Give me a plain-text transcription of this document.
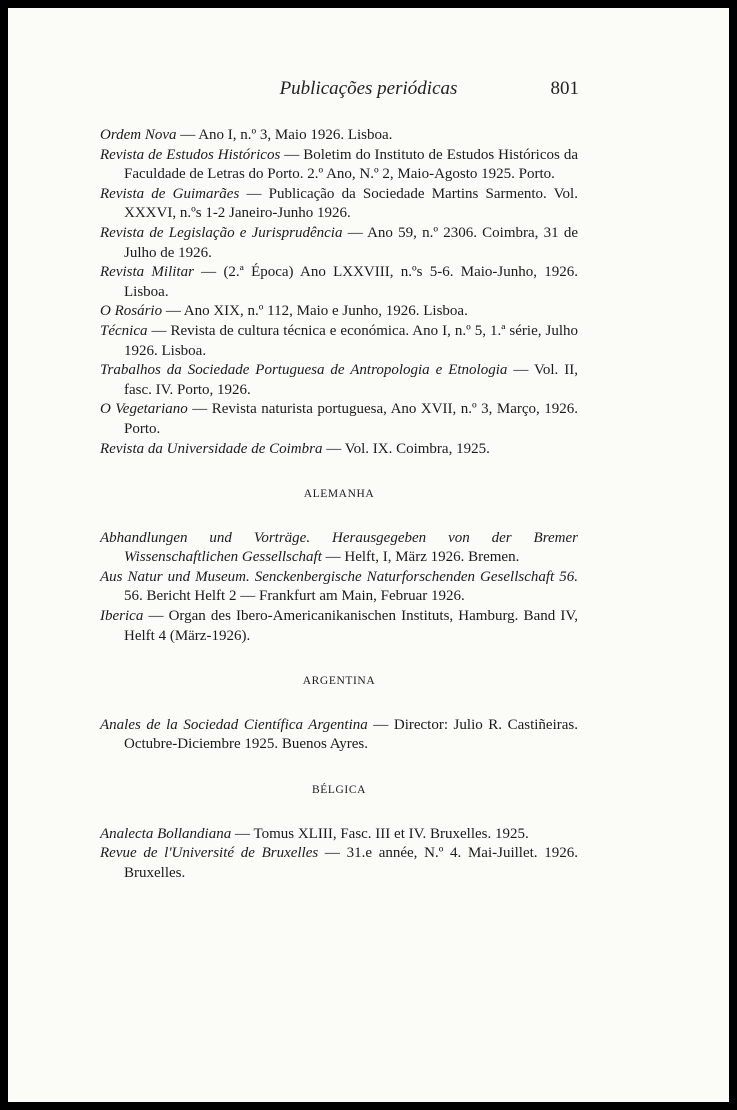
Publicações periódicas	801

Ordem Nova — Ano I, n.º 3, Maio 1926. Lisboa.

Revista de Estudos Históricos — Boletim do Instituto de Estudos Históricos da Faculdade de Letras do Porto. 2.º Ano, N.º 2, Maio-Agosto 1925. Porto.

Revista de Guimarães — Publicação da Sociedade Martins Sarmento. Vol. XXXVI, n.ºs 1-2 Janeiro-Junho 1926.

Revista de Legislação e Jurisprudência — Ano 59, n.º 2306. Coimbra, 31 de Julho de 1926.

Revista Militar — (2.ª Época) Ano LXXVIII, n.ºs 5-6. Maio-Junho, 1926. Lisboa.

O Rosário — Ano XIX, n.º 112, Maio e Junho, 1926. Lisboa.

Técnica — Revista de cultura técnica e económica. Ano I, n.º 5, 1.ª série, Julho 1926. Lisboa.

Trabalhos da Sociedade Portuguesa de Antropologia e Etnologia — Vol. II, fasc. IV. Porto, 1926.

O Vegetariano — Revista naturista portuguesa, Ano XVII, n.º 3, Março, 1926. Porto.

Revista da Universidade de Coimbra — Vol. IX. Coimbra, 1925.

ALEMANHA

Abhandlungen und Vorträge. Herausgegeben von der Bremer Wissenschaftlichen Gessellschaft — Helft, I, März 1926. Bremen.

Aus Natur und Museum. Senckenbergische Naturforschenden Gesellschaft 56. 56. Bericht Helft 2 — Frankfurt am Main, Februar 1926.

Iberica — Organ des Ibero-Americanikanischen Instituts, Hamburg. Band IV, Helft 4 (März-1926).

ARGENTINA

Anales de la Sociedad Científica Argentina — Director: Julio R. Castiñeiras. Octubre-Diciembre 1925. Buenos Ayres.

BÉLGICA

Analecta Bollandiana — Tomus XLIII, Fasc. III et IV. Bruxelles. 1925.

Revue de l'Université de Bruxelles — 31.e année, N.º 4. Mai-Juillet. 1926. Bruxelles.
